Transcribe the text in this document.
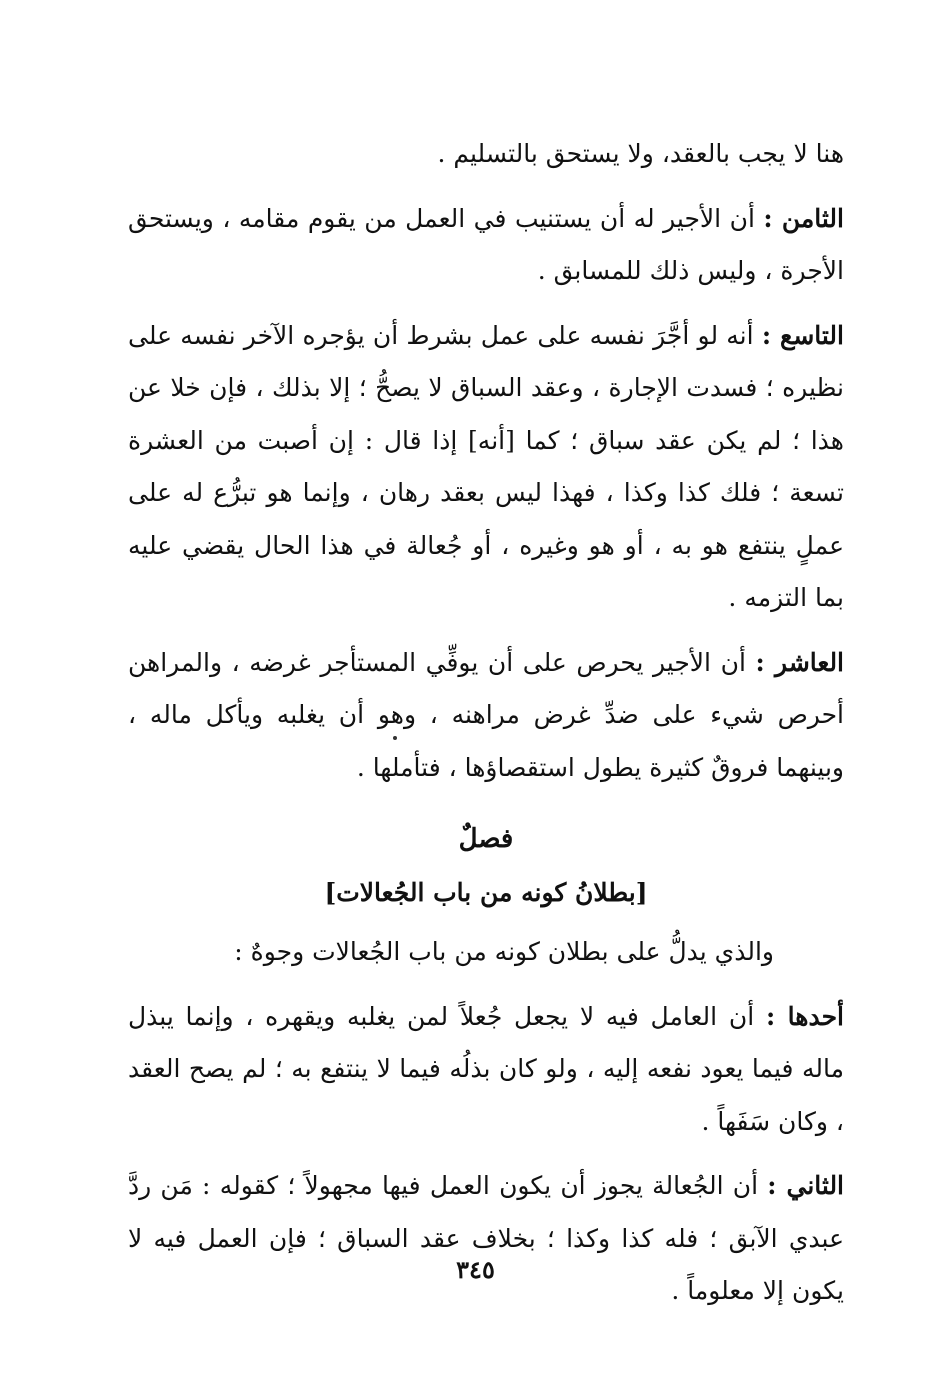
هنا لا يجب بالعقد، ولا يستحق بالتسليم .

الثامن : أن الأجير له أن يستنيب في العمل من يقوم مقامه ، ويستحق الأجرة ، وليس ذلك للمسابق .

التاسع : أنه لو أجَّرَ نفسه على عمل بشرط أن يؤجره الآخر نفسه على نظيره ؛ فسدت الإجارة ، وعقد السباق لا يصحُّ ؛ إلا بذلك ، فإن خلا عن هذا ؛ لم يكن عقد سباق ؛ كما [أنه] إذا قال : إن أصبت من العشرة تسعة ؛ فلك كذا وكذا ، فهذا ليس بعقد رهان ، وإنما هو تبرُّع له على عملٍ ينتفع هو به ، أو هو وغيره ، أو جُعالة في هذا الحال يقضي عليه بما التزمه .

العاشر : أن الأجير يحرص على أن يوفِّي المستأجر غرضه ، والمراهن أحرص شيء على ضدِّ غرض مراهنه ، وهو أن يغلبه ويأكل ماله ، وبينهما فروقٌ كثيرة يطول استقصاؤها ، فتأملها .

فصلٌ
[بطلانُ كونه من باب الجُعالات]

والذي يدلُّ على بطلان كونه من باب الجُعالات وجوهٌ :

أحدها : أن العامل فيه لا يجعل جُعلاً لمن يغلبه ويقهره ، وإنما يبذل ماله فيما يعود نفعه إليه ، ولو كان بذلُه فيما لا ينتفع به ؛ لم يصح العقد ، وكان سَفَهاً .

الثاني : أن الجُعالة يجوز أن يكون العمل فيها مجهولاً ؛ كقوله : مَن ردَّ عبدي الآبق ؛ فله كذا وكذا ؛ بخلاف عقد السباق ؛ فإن العمل فيه لا يكون إلا معلوماً .

٣٤٥
